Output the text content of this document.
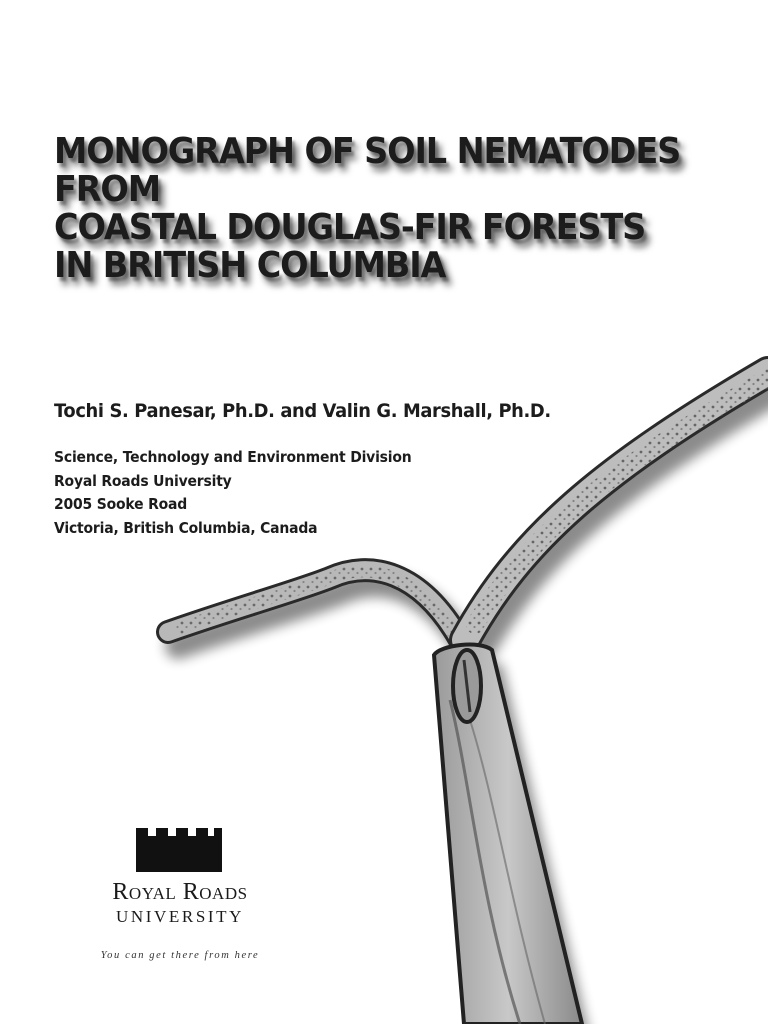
MONOGRAPH OF SOIL NEMATODES
FROM
COASTAL DOUGLAS-FIR FORESTS
IN BRITISH COLUMBIA
Tochi S. Panesar, Ph.D. and Valin G. Marshall, Ph.D.
Science, Technology and Environment Division
Royal Roads University
2005 Sooke Road
Victoria, British Columbia, Canada
Royal Roads
UNIVERSITY
You can get there from here
